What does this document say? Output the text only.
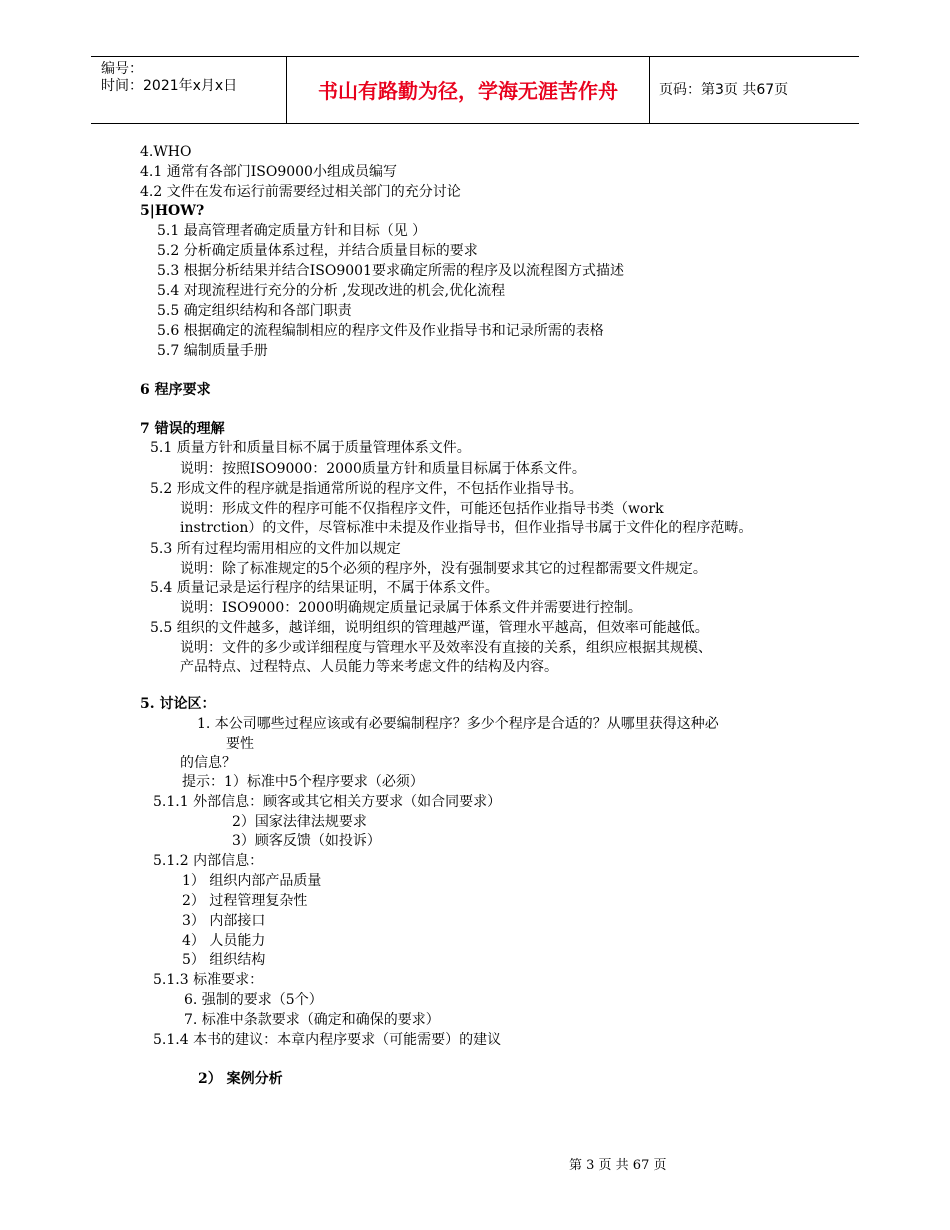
编号：
时间：2021年x月x日	书山有路勤为径，学海无涯苦作舟	页码：第3页 共67页
4.WHO
4.1 通常有各部门ISO9000小组成员编写
4.2 文件在发布运行前需要经过相关部门的充分讨论
5|HOW?
5.1 最高管理者确定质量方针和目标（见 ）
5.2 分析确定质量体系过程，并结合质量目标的要求
5.3 根据分析结果并结合ISO9001要求确定所需的程序及以流程图方式描述
5.4 对现流程进行充分的分析 ,发现改进的机会,优化流程
5.5 确定组织结构和各部门职责
5.6 根据确定的流程编制相应的程序文件及作业指导书和记录所需的表格
5.7 编制质量手册
6 程序要求
7 错误的理解
5.1 质量方针和质量目标不属于质量管理体系文件。
说明：按照ISO9000：2000质量方针和质量目标属于体系文件。
5.2 形成文件的程序就是指通常所说的程序文件，不包括作业指导书。
说明：形成文件的程序可能不仅指程序文件，可能还包括作业指导书类（work
instrction）的文件，尽管标准中未提及作业指导书，但作业指导书属于文件化的程序范畴。
5.3 所有过程均需用相应的文件加以规定
说明：除了标准规定的5个必须的程序外，没有强制要求其它的过程都需要文件规定。
5.4 质量记录是运行程序的结果证明，不属于体系文件。
说明：ISO9000：2000明确规定质量记录属于体系文件并需要进行控制。
5.5 组织的文件越多，越详细，说明组织的管理越严谨，管理水平越高，但效率可能越低。
说明：文件的多少或详细程度与管理水平及效率没有直接的关系，组织应根据其规模、
产品特点、过程特点、人员能力等来考虑文件的结构及内容。
5. 讨论区：
1. 本公司哪些过程应该或有必要编制程序？多少个程序是合适的？从哪里获得这种必
要性
的信息？
提示：1）标准中5个程序要求（必须）
5.1.1 外部信息：顾客或其它相关方要求（如合同要求）
2）国家法律法规要求
3）顾客反馈（如投诉）
5.1.2 内部信息：
1） 组织内部产品质量
2） 过程管理复杂性
3） 内部接口
4） 人员能力
5） 组织结构
5.1.3 标准要求：
6. 强制的要求（5个）
7. 标准中条款要求（确定和确保的要求）
5.1.4 本书的建议：本章内程序要求（可能需要）的建议
2） 案例分析
第 3 页 共 67 页
